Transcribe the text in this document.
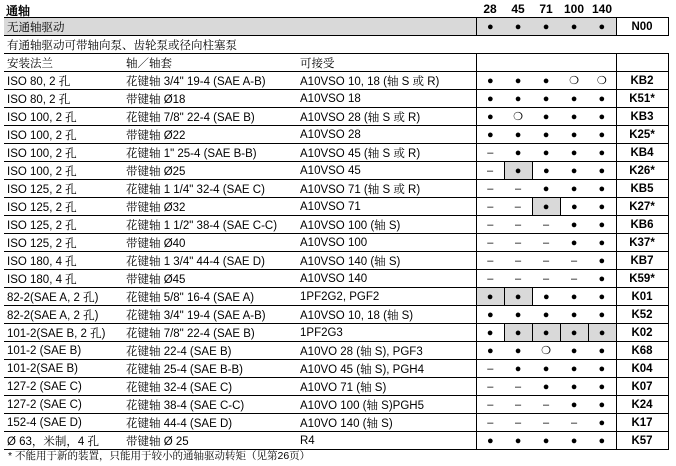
通轴	28	45	71 100 140
无通轴驱动			●	●	●	●	●	N00
有通轴驱动可带轴向泵、齿轮泵或径向柱塞泵								
安装法兰	轴／轴套	可接受						
ISO 80, 2 孔	花键轴 3/4" 19-4 (SAE A-B)	A10VSO 10, 18 (轴 S 或 R)	●	●	●	❍	❍	KB2
ISO 80, 2 孔	带键轴 Ø18	A10VSO 18	●	●	●	●	●	K51*
ISO 100, 2 孔	花键轴 7/8" 22-4 (SAE B)	A10VSO 28 (轴 S 或 R)	●	❍	●	●	●	KB3
ISO 100, 2 孔	带键轴 Ø22	A10VSO 28	●	●	●	●	●	K25*
ISO 100, 2 孔	花键轴 1" 25-4 (SAE B-B)	A10VSO 45 (轴 S 或 R)	–	●	●	●	●	KB4
ISO 100, 2 孔	带键轴 Ø25	A10VSO 45	–	●	●	●	●	K26*
ISO 125, 2 孔	花键轴 1 1/4" 32-4 (SAE C)	A10VSO 71 (轴 S 或 R)	–	–	●	●	●	KB5
ISO 125, 2 孔	带键轴 Ø32	A10VSO 71	–	–	●	●	●	K27*
ISO 125, 2 孔	花键轴 1 1/2" 38-4 (SAE C-C)	A10VSO 100 (轴 S)	–	–	–	●	●	KB6
ISO 125, 2 孔	带键轴 Ø40	A10VSO 100	–	–	–	●	●	K37*
ISO 180, 4 孔	花键轴 1 3/4" 44-4 (SAE D)	A10VSO 140 (轴 S)	–	–	–	–	●	KB7
ISO 180, 4 孔	带键轴 Ø45	A10VSO 140	–	–	–	–	●	K59*
82-2(SAE A, 2 孔)	花键轴 5/8" 16-4 (SAE A)	1PF2G2, PGF2	●	●	●	●	●	K01
82-2(SAE A, 2 孔)	花键轴 3/4" 19-4 (SAE A-B)	A10VSO 10, 18 (轴 S)	●	●	●	●	●	K52
101-2(SAE B, 2 孔)	花键轴 7/8" 22-4 (SAE B)	1PF2G3	●	●	●	●	●	K02
101-2 (SAE B)	花键轴 22-4 (SAE B)	A10VO 28 (轴 S), PGF3	●	●	❍	●	●	K68
101-2(SAE B)	花键轴 25-4 (SAE B-B)	A10VO 45 (轴 S), PGH4	–	●	●	●	●	K04
127-2 (SAE C)	花键轴 32-4 (SAE C)	A10VO 71 (轴 S)	–	–	●	●	●	K07
127-2 (SAE C)	花键轴 38-4 (SAE C-C)	A10VO 100 (轴 S)PGH5	–	–	–	●	●	K24
152-4 (SAE D)	花键轴 44-4 (SAE D)	A10VO 140 (轴 S)	–	–	–	–	●	K17
Ø 63，米制，4 孔	带键轴 Ø 25	R4	●	●	●	●	●	K57
* 不能用于新的装置，只能用于较小的通轴驱动转矩（见第26页）
